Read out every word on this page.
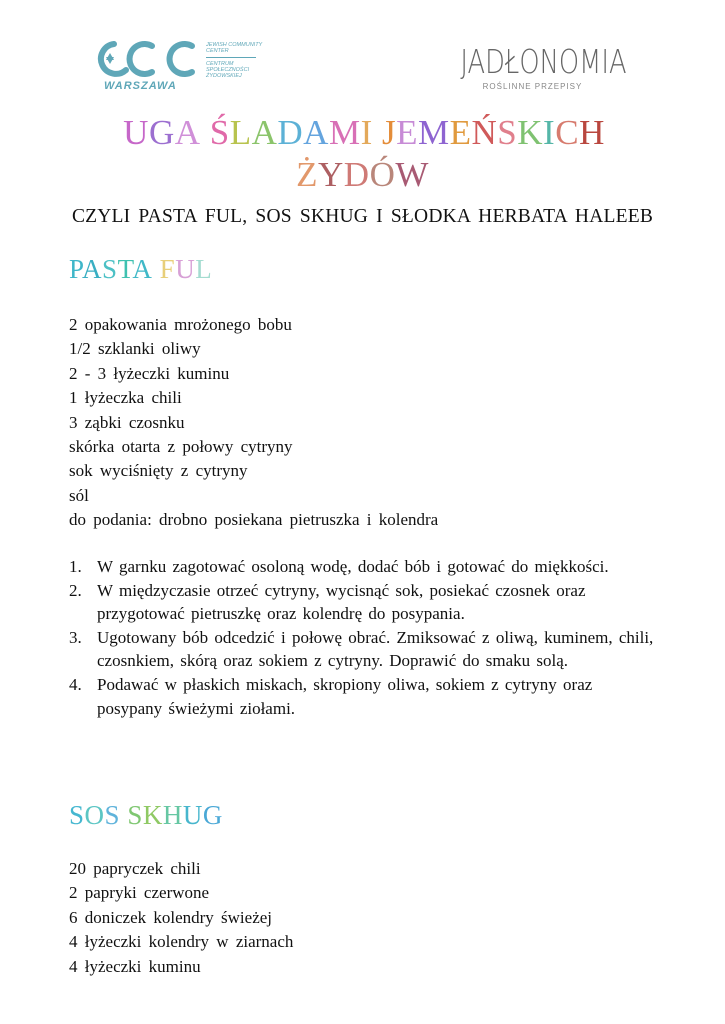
WARSZAWA
JEWISH COMMUNITY CENTER
CENTRUM SPOŁECZNOŚCI ŻYDOWSKIEJ	JADŁONOMIA
ROŚLINNE PRZEPISY
UGA ŚLADAMI JEMEŃSKICH
ŻYDÓW
CZYLI PASTA FUL, SOS SKHUG I SŁODKA HERBATA HALEEB
PASTA FUL
2 opakowania mrożonego bobu
1/2 szklanki oliwy
2 - 3 łyżeczki kuminu
1 łyżeczka chili
3 ząbki czosnku
skórka otarta z połowy cytryny
sok wyciśnięty z cytryny
sól
do podania: drobno posiekana pietruszka i kolendra
1. W garnku zagotować osoloną wodę, dodać bób i gotować do miękkości.
2. W międzyczasie otrzeć cytryny, wycisnąć sok, posiekać czosnek oraz przygotować pietruszkę oraz kolendrę do posypania.
3. Ugotowany bób odcedzić i połowę obrać. Zmiksować z oliwą, kuminem, chili, czosnkiem, skórą oraz sokiem z cytryny. Doprawić do smaku solą.
4. Podawać w płaskich miskach, skropiony oliwa, sokiem z cytryny oraz posypany świeżymi ziołami.
SOS SKHUG
20 papryczek chili
2 papryki czerwone
6 doniczek kolendry świeżej
4 łyżeczki kolendry w ziarnach
4 łyżeczki kuminu
